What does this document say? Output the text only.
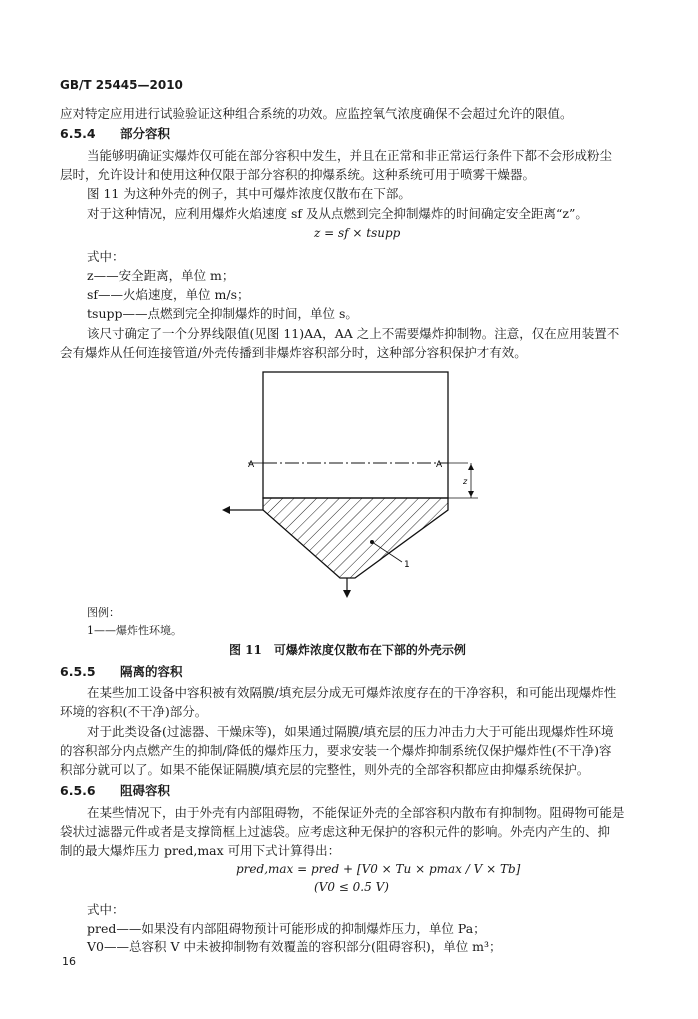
GB/T 25445—2010
应对特定应用进行试验验证这种组合系统的功效。应监控氧气浓度确保不会超过允许的限值。
6.5.4 部分容积
当能够明确证实爆炸仅可能在部分容积中发生，并且在正常和非正常运行条件下都不会形成粉尘
层时，允许设计和使用这种仅限于部分容积的抑爆系统。这种系统可用于喷雾干燥器。
图 11 为这种外壳的例子，其中可爆炸浓度仅散布在下部。
对于这种情况，应利用爆炸火焰速度 sf 及从点燃到完全抑制爆炸的时间确定安全距离“z”。
z = sf × tsupp
式中：
z——安全距离，单位 m；
sf——火焰速度，单位 m/s；
tsupp——点燃到完全抑制爆炸的时间，单位 s。
该尺寸确定了一个分界线限值(见图 11)AA，AA 之上不需要爆炸抑制物。注意，仅在应用装置不
会有爆炸从任何连接管道/外壳传播到非爆炸容积部分时，这种部分容积保护才有效。
A	A
z
1
图例：
1——爆炸性环境。
图 11　可爆炸浓度仅散布在下部的外壳示例
6.5.5 隔离的容积
在某些加工设备中容积被有效隔膜/填充层分成无可爆炸浓度存在的干净容积，和可能出现爆炸性
环境的容积(不干净)部分。
对于此类设备(过滤器、干燥床等)，如果通过隔膜/填充层的压力冲击力大于可能出现爆炸性环境
的容积部分内点燃产生的抑制/降低的爆炸压力，要求安装一个爆炸抑制系统仅保护爆炸性(不干净)容
积部分就可以了。如果不能保证隔膜/填充层的完整性，则外壳的全部容积都应由抑爆系统保护。
6.5.6 阻碍容积
在某些情况下，由于外壳有内部阻碍物，不能保证外壳的全部容积内散布有抑制物。阻碍物可能是
袋状过滤器元件或者是支撑筒框上过滤袋。应考虑这种无保护的容积元件的影响。外壳内产生的、抑
制的最大爆炸压力 pred,max 可用下式计算得出：
pred,max = pred + [V0 × Tu × pmax / V × Tb]
(V0 ≤ 0.5 V)
式中：
pred——如果没有内部阻碍物预计可能形成的抑制爆炸压力，单位 Pa；
V0——总容积 V 中未被抑制物有效覆盖的容积部分(阻碍容积)，单位 m³；
16
